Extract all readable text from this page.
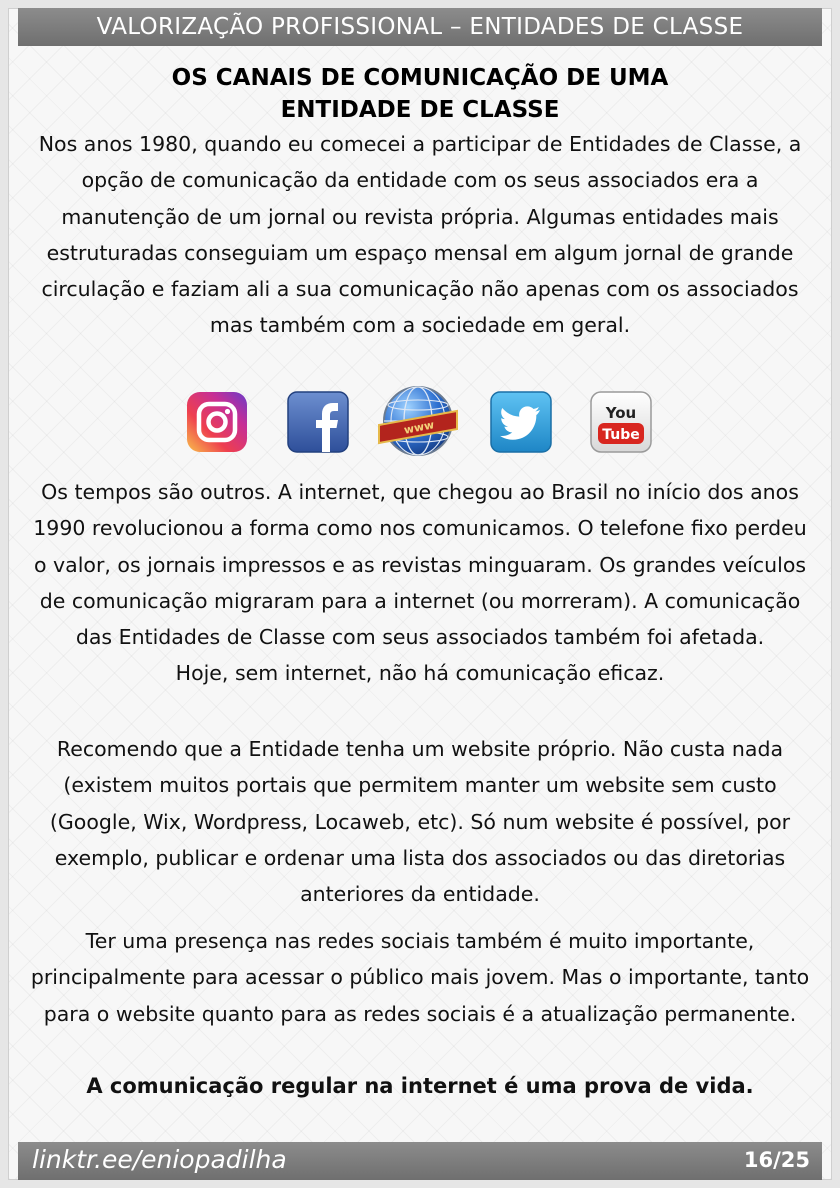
VALORIZAÇÃO PROFISSIONAL – ENTIDADES DE CLASSE
OS CANAIS DE COMUNICAÇÃO DE UMA
ENTIDADE DE CLASSE

Nos anos 1980, quando eu comecei a participar de Entidades de Classe, a opção de comunicação da entidade com os seus associados era a manutenção de um jornal ou revista própria. Algumas entidades mais estruturadas conseguiam um espaço mensal em algum jornal de grande circulação e faziam ali a sua comunicação não apenas com os associados mas também com a sociedade em geral.

www
You
Tube
Os tempos são outros. A internet, que chegou ao Brasil no início dos anos 1990 revolucionou a forma como nos comunicamos. O telefone fixo perdeu o valor, os jornais impressos e as revistas minguaram. Os grandes veículos de comunicação migraram para a internet (ou morreram). A comunicação das Entidades de Classe com seus associados também foi afetada.
Hoje, sem internet, não há comunicação eficaz.

Recomendo que a Entidade tenha um website próprio. Não custa nada (existem muitos portais que permitem manter um website sem custo (Google, Wix, Wordpress, Locaweb, etc). Só num website é possível, por exemplo, publicar e ordenar uma lista dos associados ou das diretorias anteriores da entidade.

Ter uma presença nas redes sociais também é muito importante, principalmente para acessar o público mais jovem. Mas o importante, tanto para o website quanto para as redes sociais é a atualização permanente.

A comunicação regular na internet é uma prova de vida.

linktr.ee/eniopadilha	16/25
